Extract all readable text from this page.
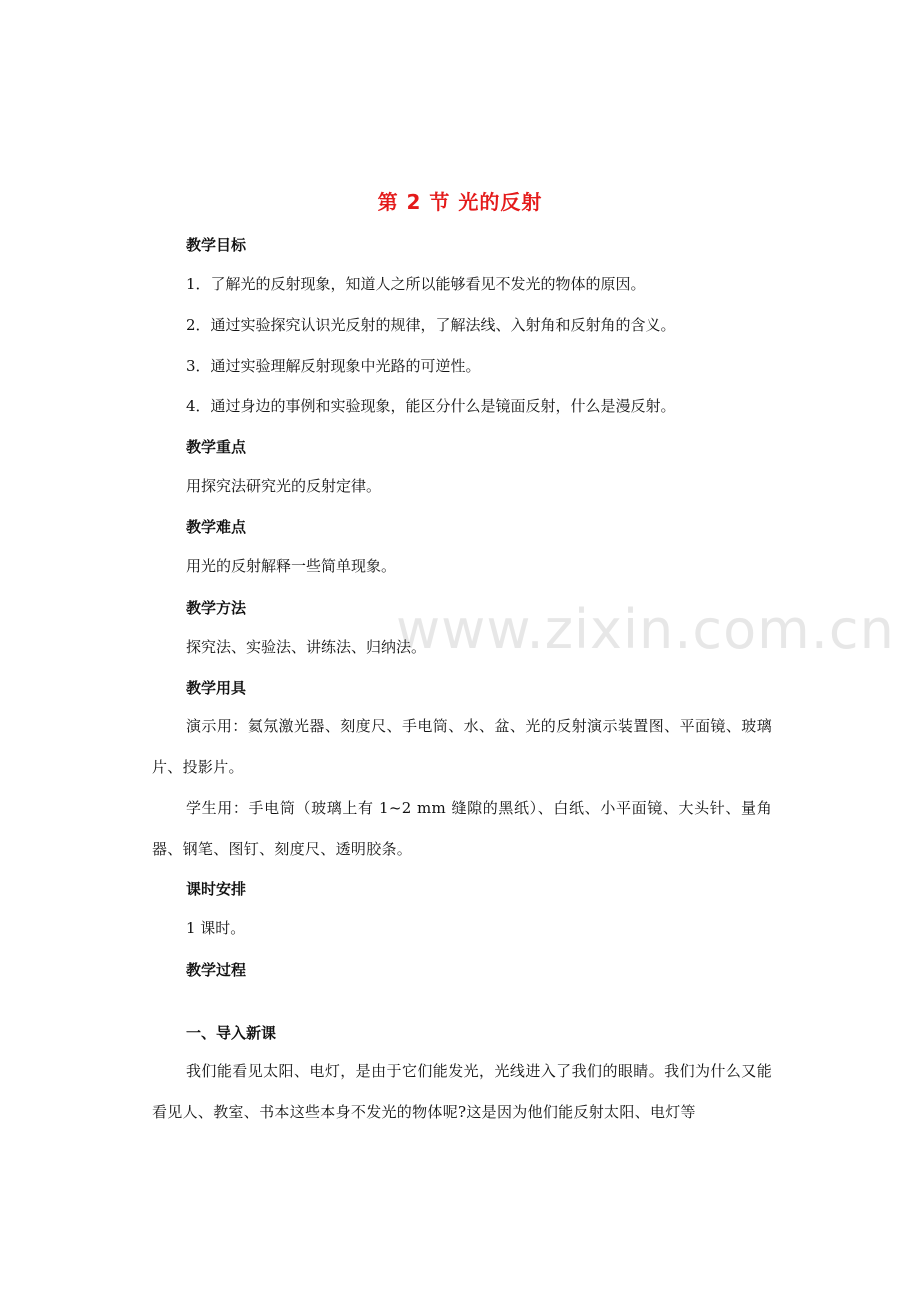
www.zixin.com.cn
第 2 节 光的反射
教学目标
1．了解光的反射现象，知道人之所以能够看见不发光的物体的原因。
2．通过实验探究认识光反射的规律，了解法线、入射角和反射角的含义。
3．通过实验理解反射现象中光路的可逆性。
4．通过身边的事例和实验现象，能区分什么是镜面反射，什么是漫反射。
教学重点
用探究法研究光的反射定律。
教学难点
用光的反射解释一些简单现象。
教学方法
探究法、实验法、讲练法、归纳法。
教学用具
演示用：氦氖激光器、刻度尺、手电筒、水、盆、光的反射演示装置图、平面镜、玻璃片、投影片。
学生用：手电筒（玻璃上有 1~2 mm 缝隙的黑纸）、白纸、小平面镜、大头针、量角器、钢笔、图钉、刻度尺、透明胶条。
课时安排
1 课时。
教学过程
一、导入新课
我们能看见太阳、电灯，是由于它们能发光，光线进入了我们的眼睛。我们为什么又能看见人、教室、书本这些本身不发光的物体呢?这是因为他们能反射太阳、电灯等
